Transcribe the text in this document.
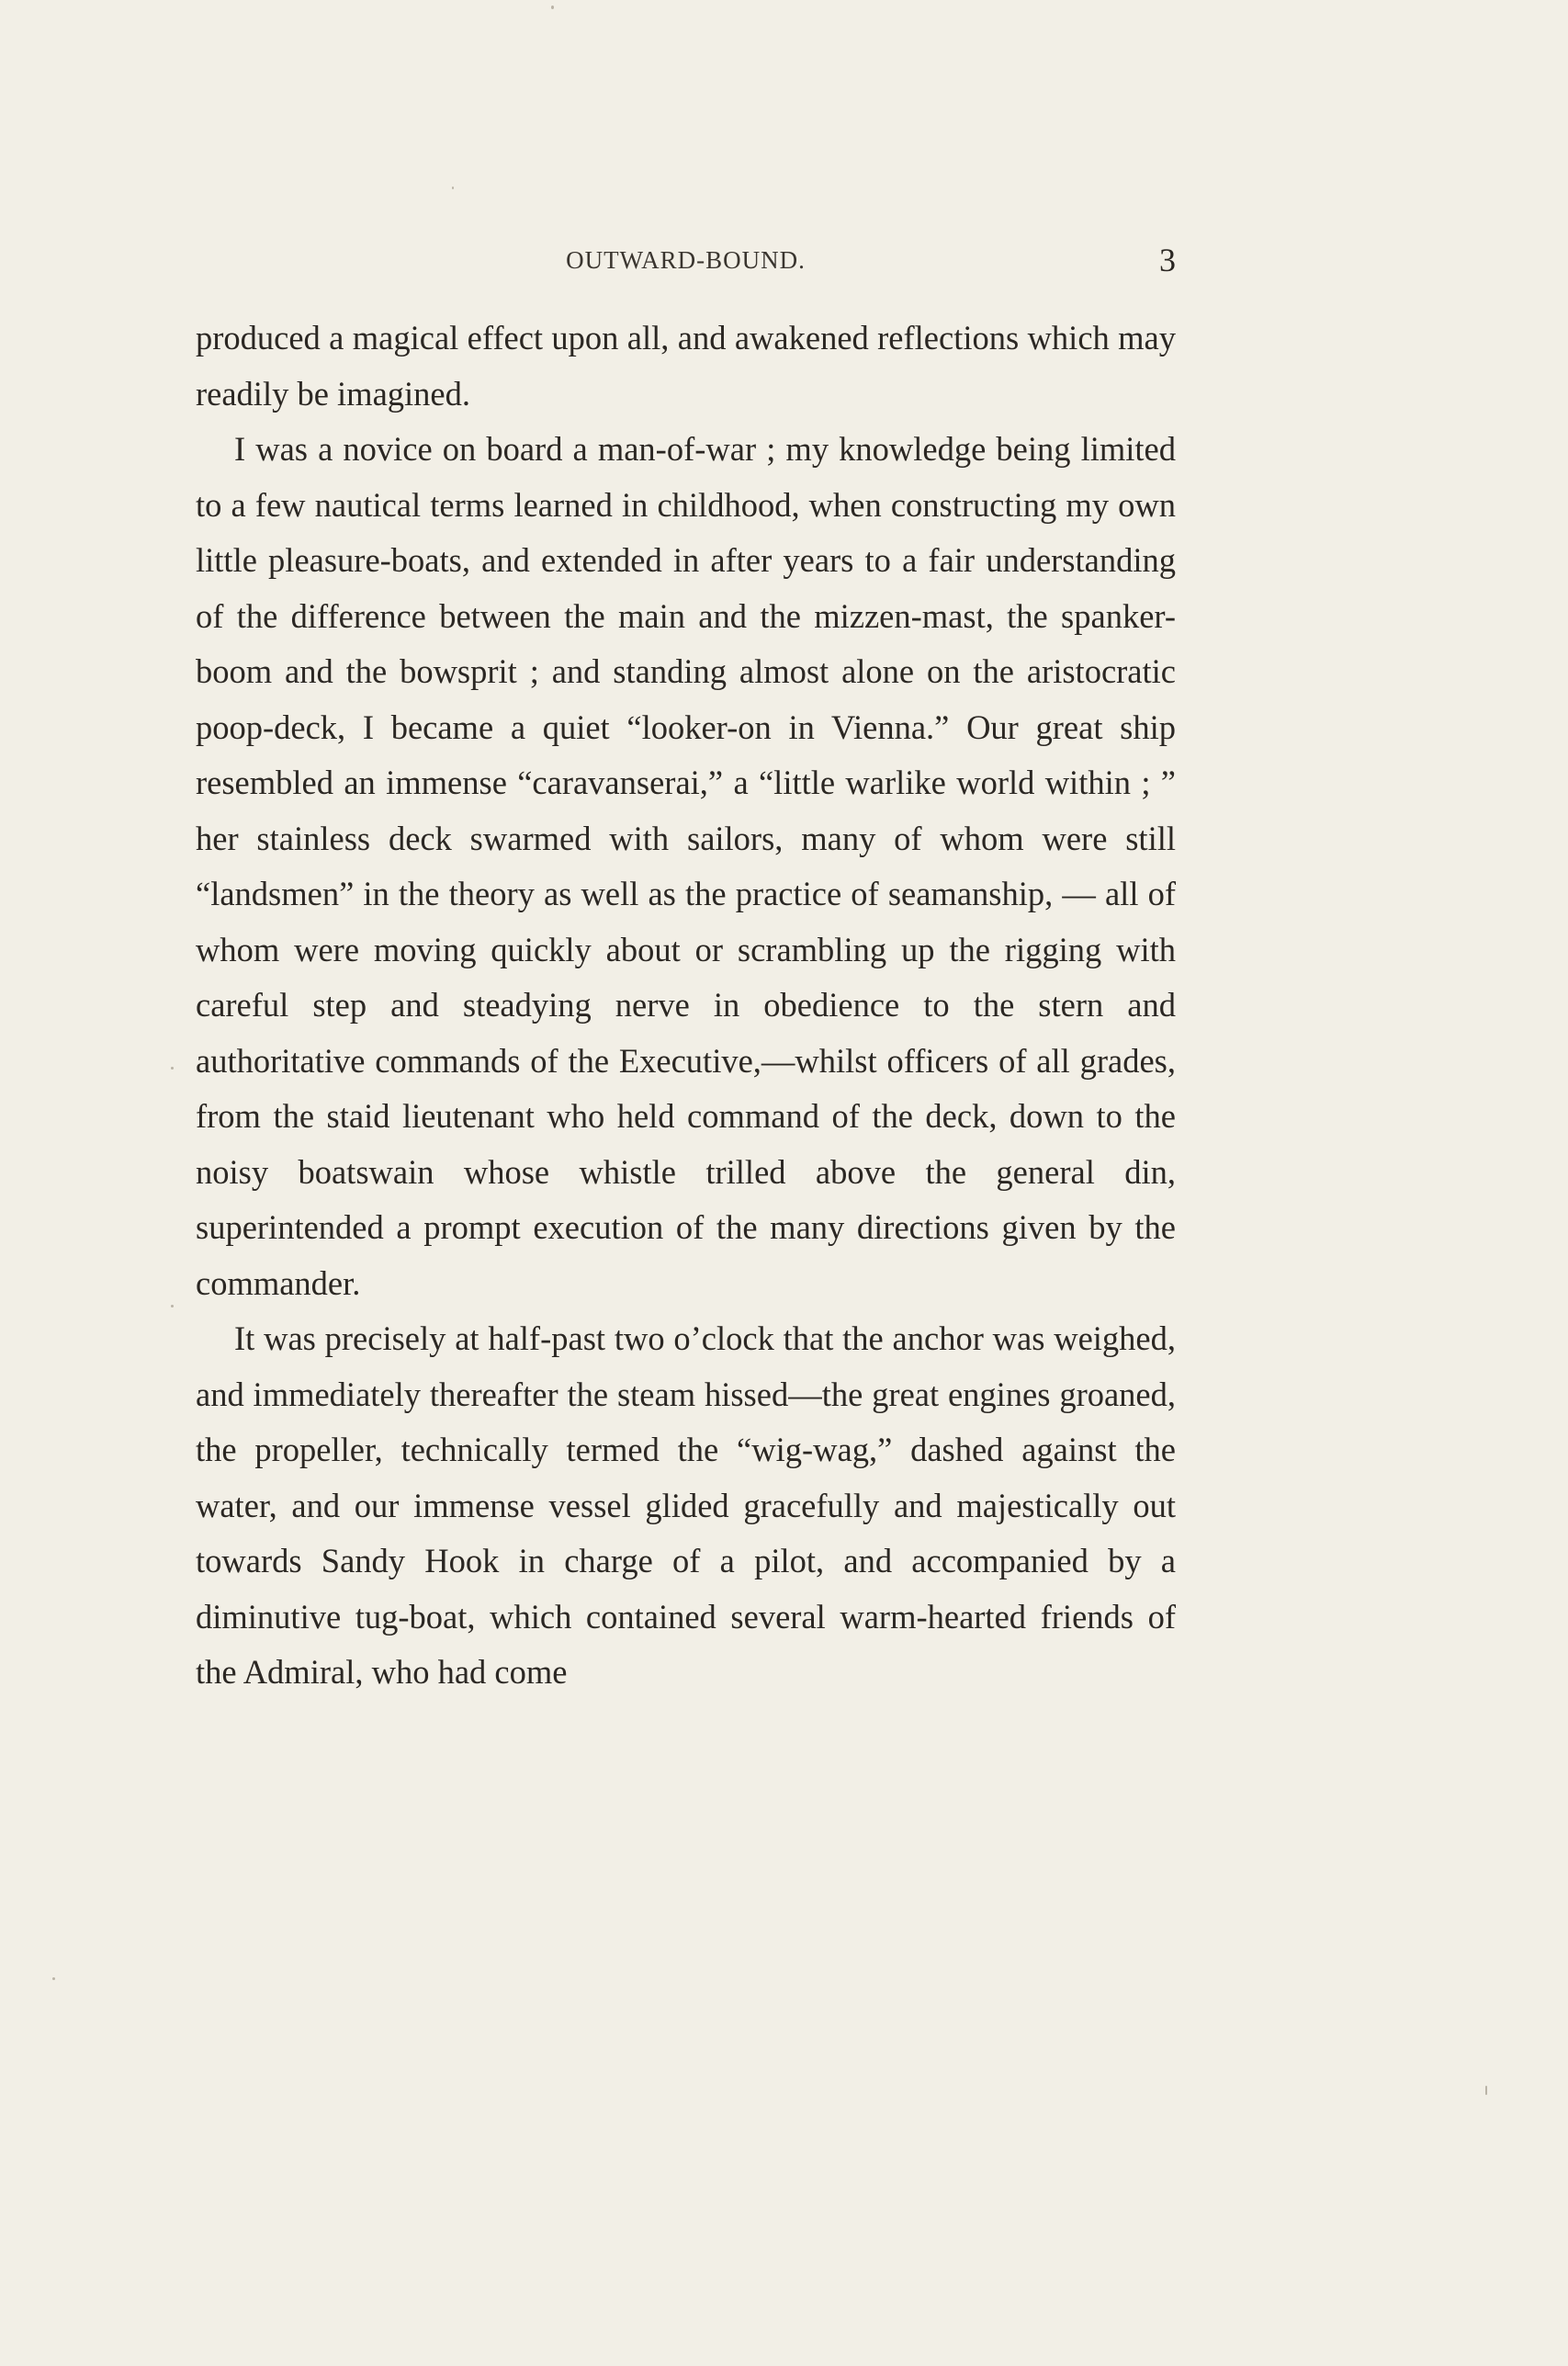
OUTWARD-BOUND.	3

produced a magical effect upon all, and awakened reflections which may readily be imagined.

I was a novice on board a man-of-war ; my knowledge being limited to a few nautical terms learned in childhood, when constructing my own little pleasure-boats, and extended in after years to a fair understanding of the difference between the main and the mizzen-mast, the spanker-boom and the bowsprit ; and standing almost alone on the aristocratic poop-deck, I became a quiet “looker-on in Vienna.” Our great ship resembled an immense “caravanserai,” a “little warlike world within ; ” her stainless deck swarmed with sailors, many of whom were still “landsmen” in the theory as well as the practice of seamanship, — all of whom were moving quickly about or scrambling up the rigging with careful step and steadying nerve in obedience to the stern and authoritative commands of the Executive,—whilst officers of all grades, from the staid lieutenant who held command of the deck, down to the noisy boatswain whose whistle trilled above the general din, superintended a prompt execution of the many directions given by the commander.

It was precisely at half-past two o’clock that the anchor was weighed, and immediately thereafter the steam hissed—the great engines groaned, the propeller, technically termed the “wig-wag,” dashed against the water, and our immense vessel glided gracefully and majestically out towards Sandy Hook in charge of a pilot, and accompanied by a diminutive tug-boat, which contained several warm-hearted friends of the Admiral, who had come
